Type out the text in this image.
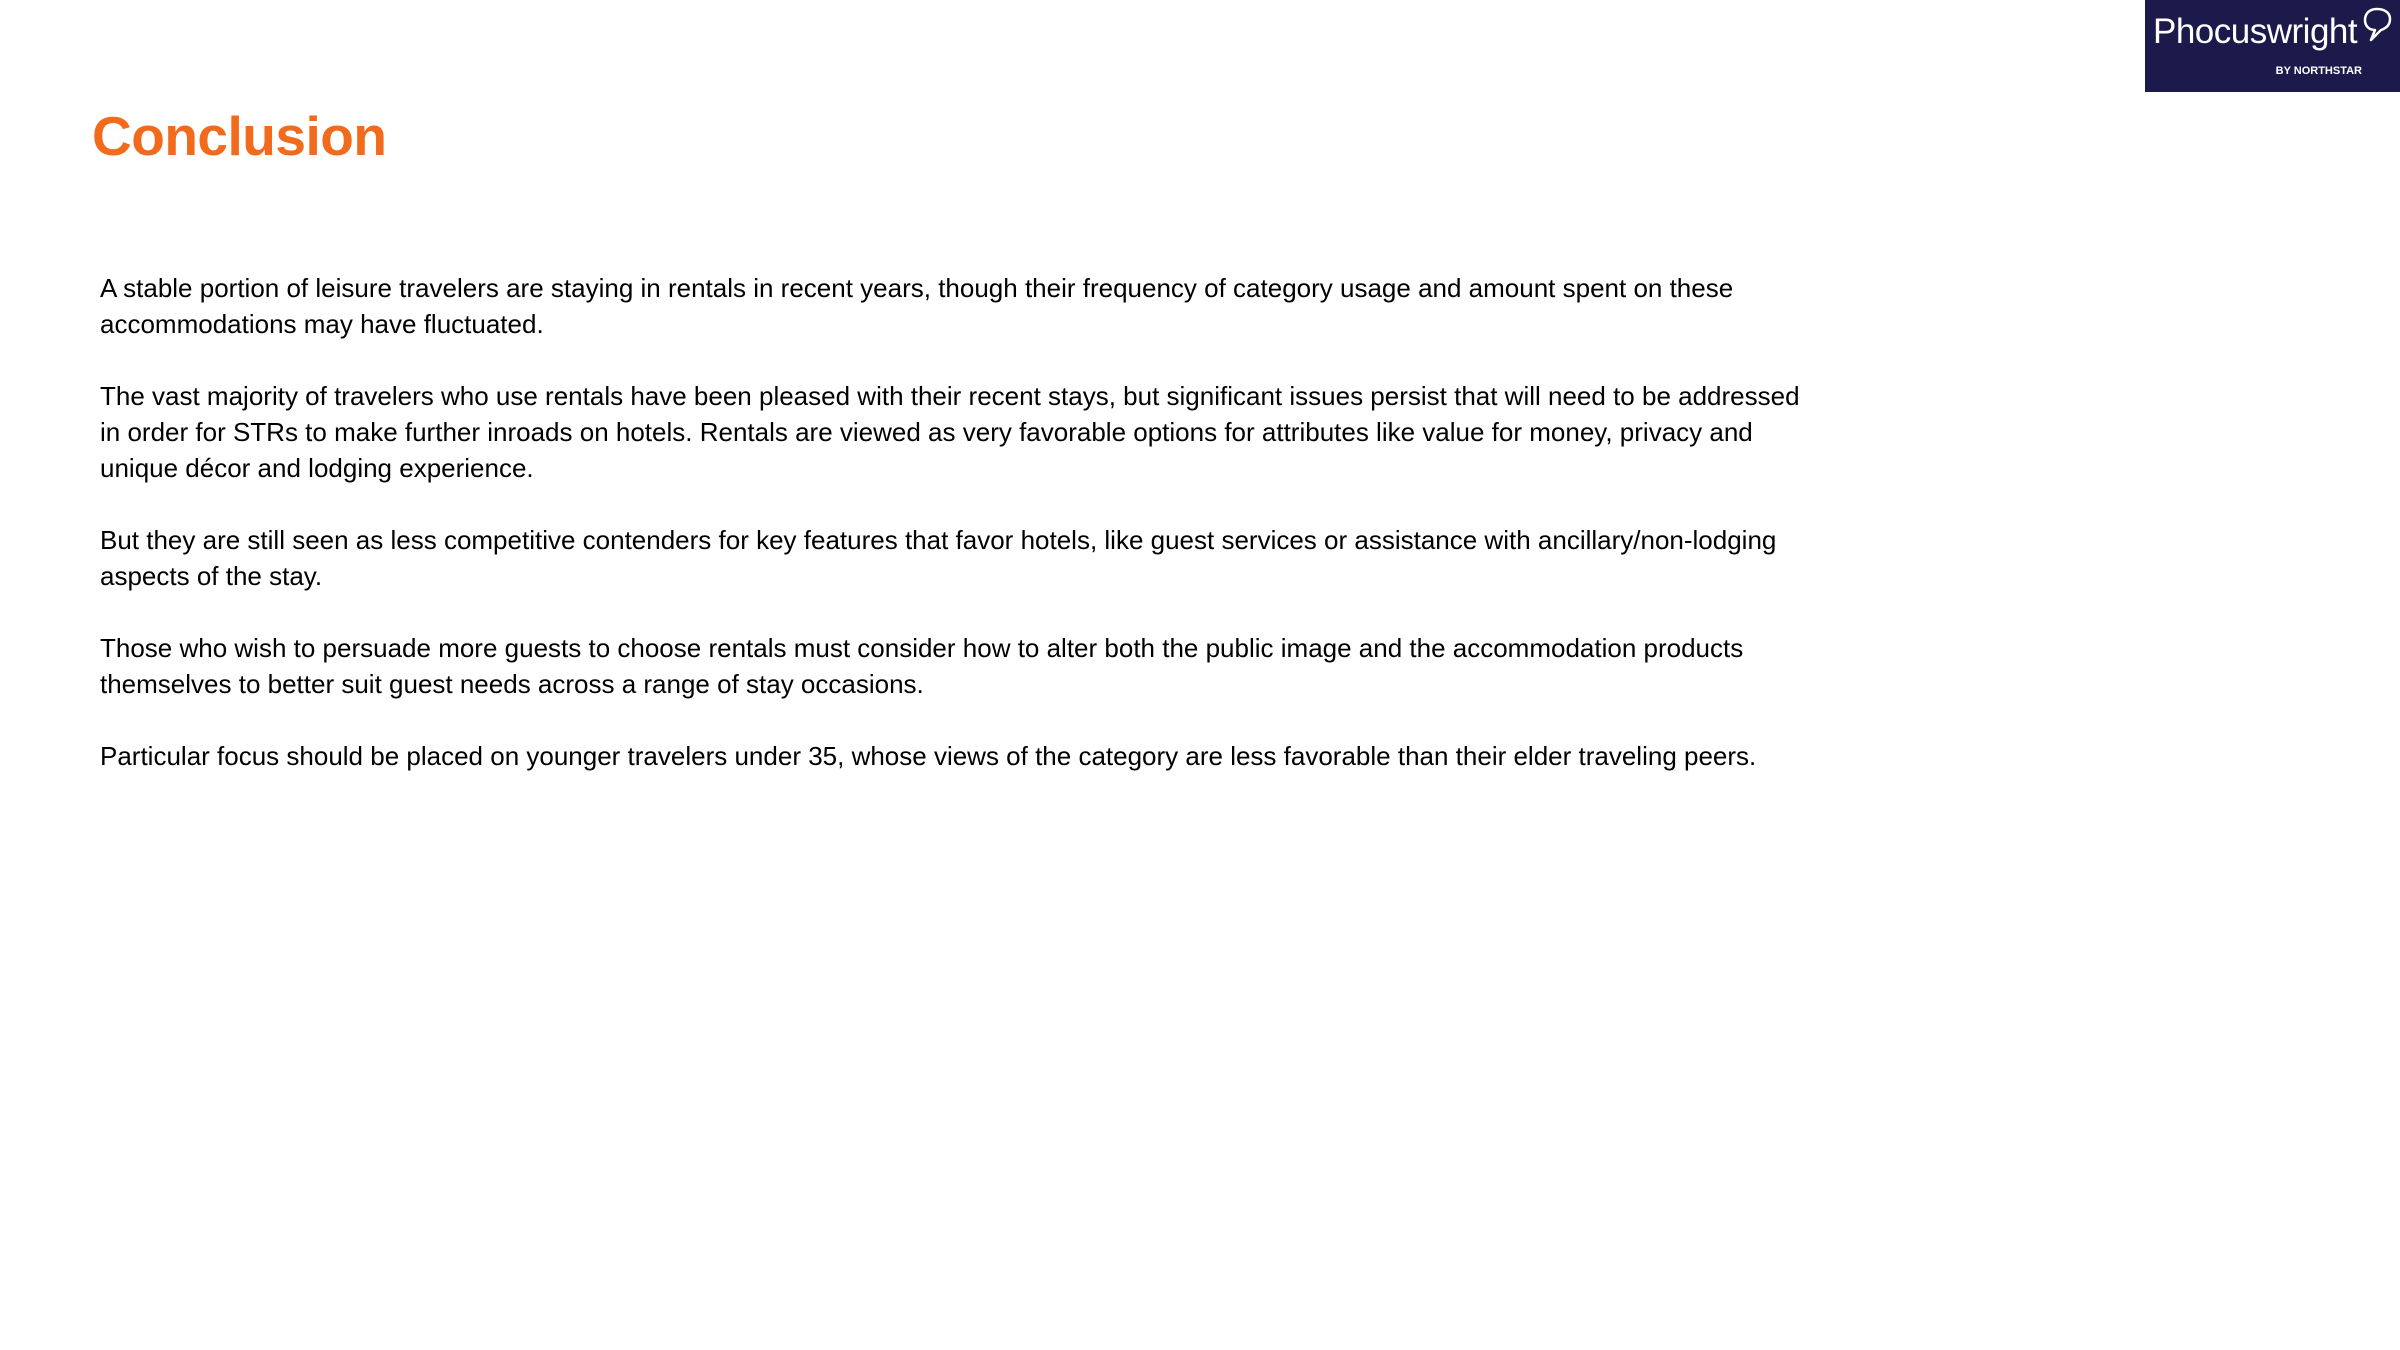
Phocuswright
BY NORTHSTAR
Conclusion

A stable portion of leisure travelers are staying in rentals in recent years, though their frequency of category usage and amount spent on these accommodations may have fluctuated.

The vast majority of travelers who use rentals have been pleased with their recent stays, but significant issues persist that will need to be addressed in order for STRs to make further inroads on hotels. Rentals are viewed as very favorable options for attributes like value for money, privacy and unique décor and lodging experience.

But they are still seen as less competitive contenders for key features that favor hotels, like guest services or assistance with ancillary/non-lodging aspects of the stay.

Those who wish to persuade more guests to choose rentals must consider how to alter both the public image and the accommodation products themselves to better suit guest needs across a range of stay occasions.

Particular focus should be placed on younger travelers under 35, whose views of the category are less favorable than their elder traveling peers.
